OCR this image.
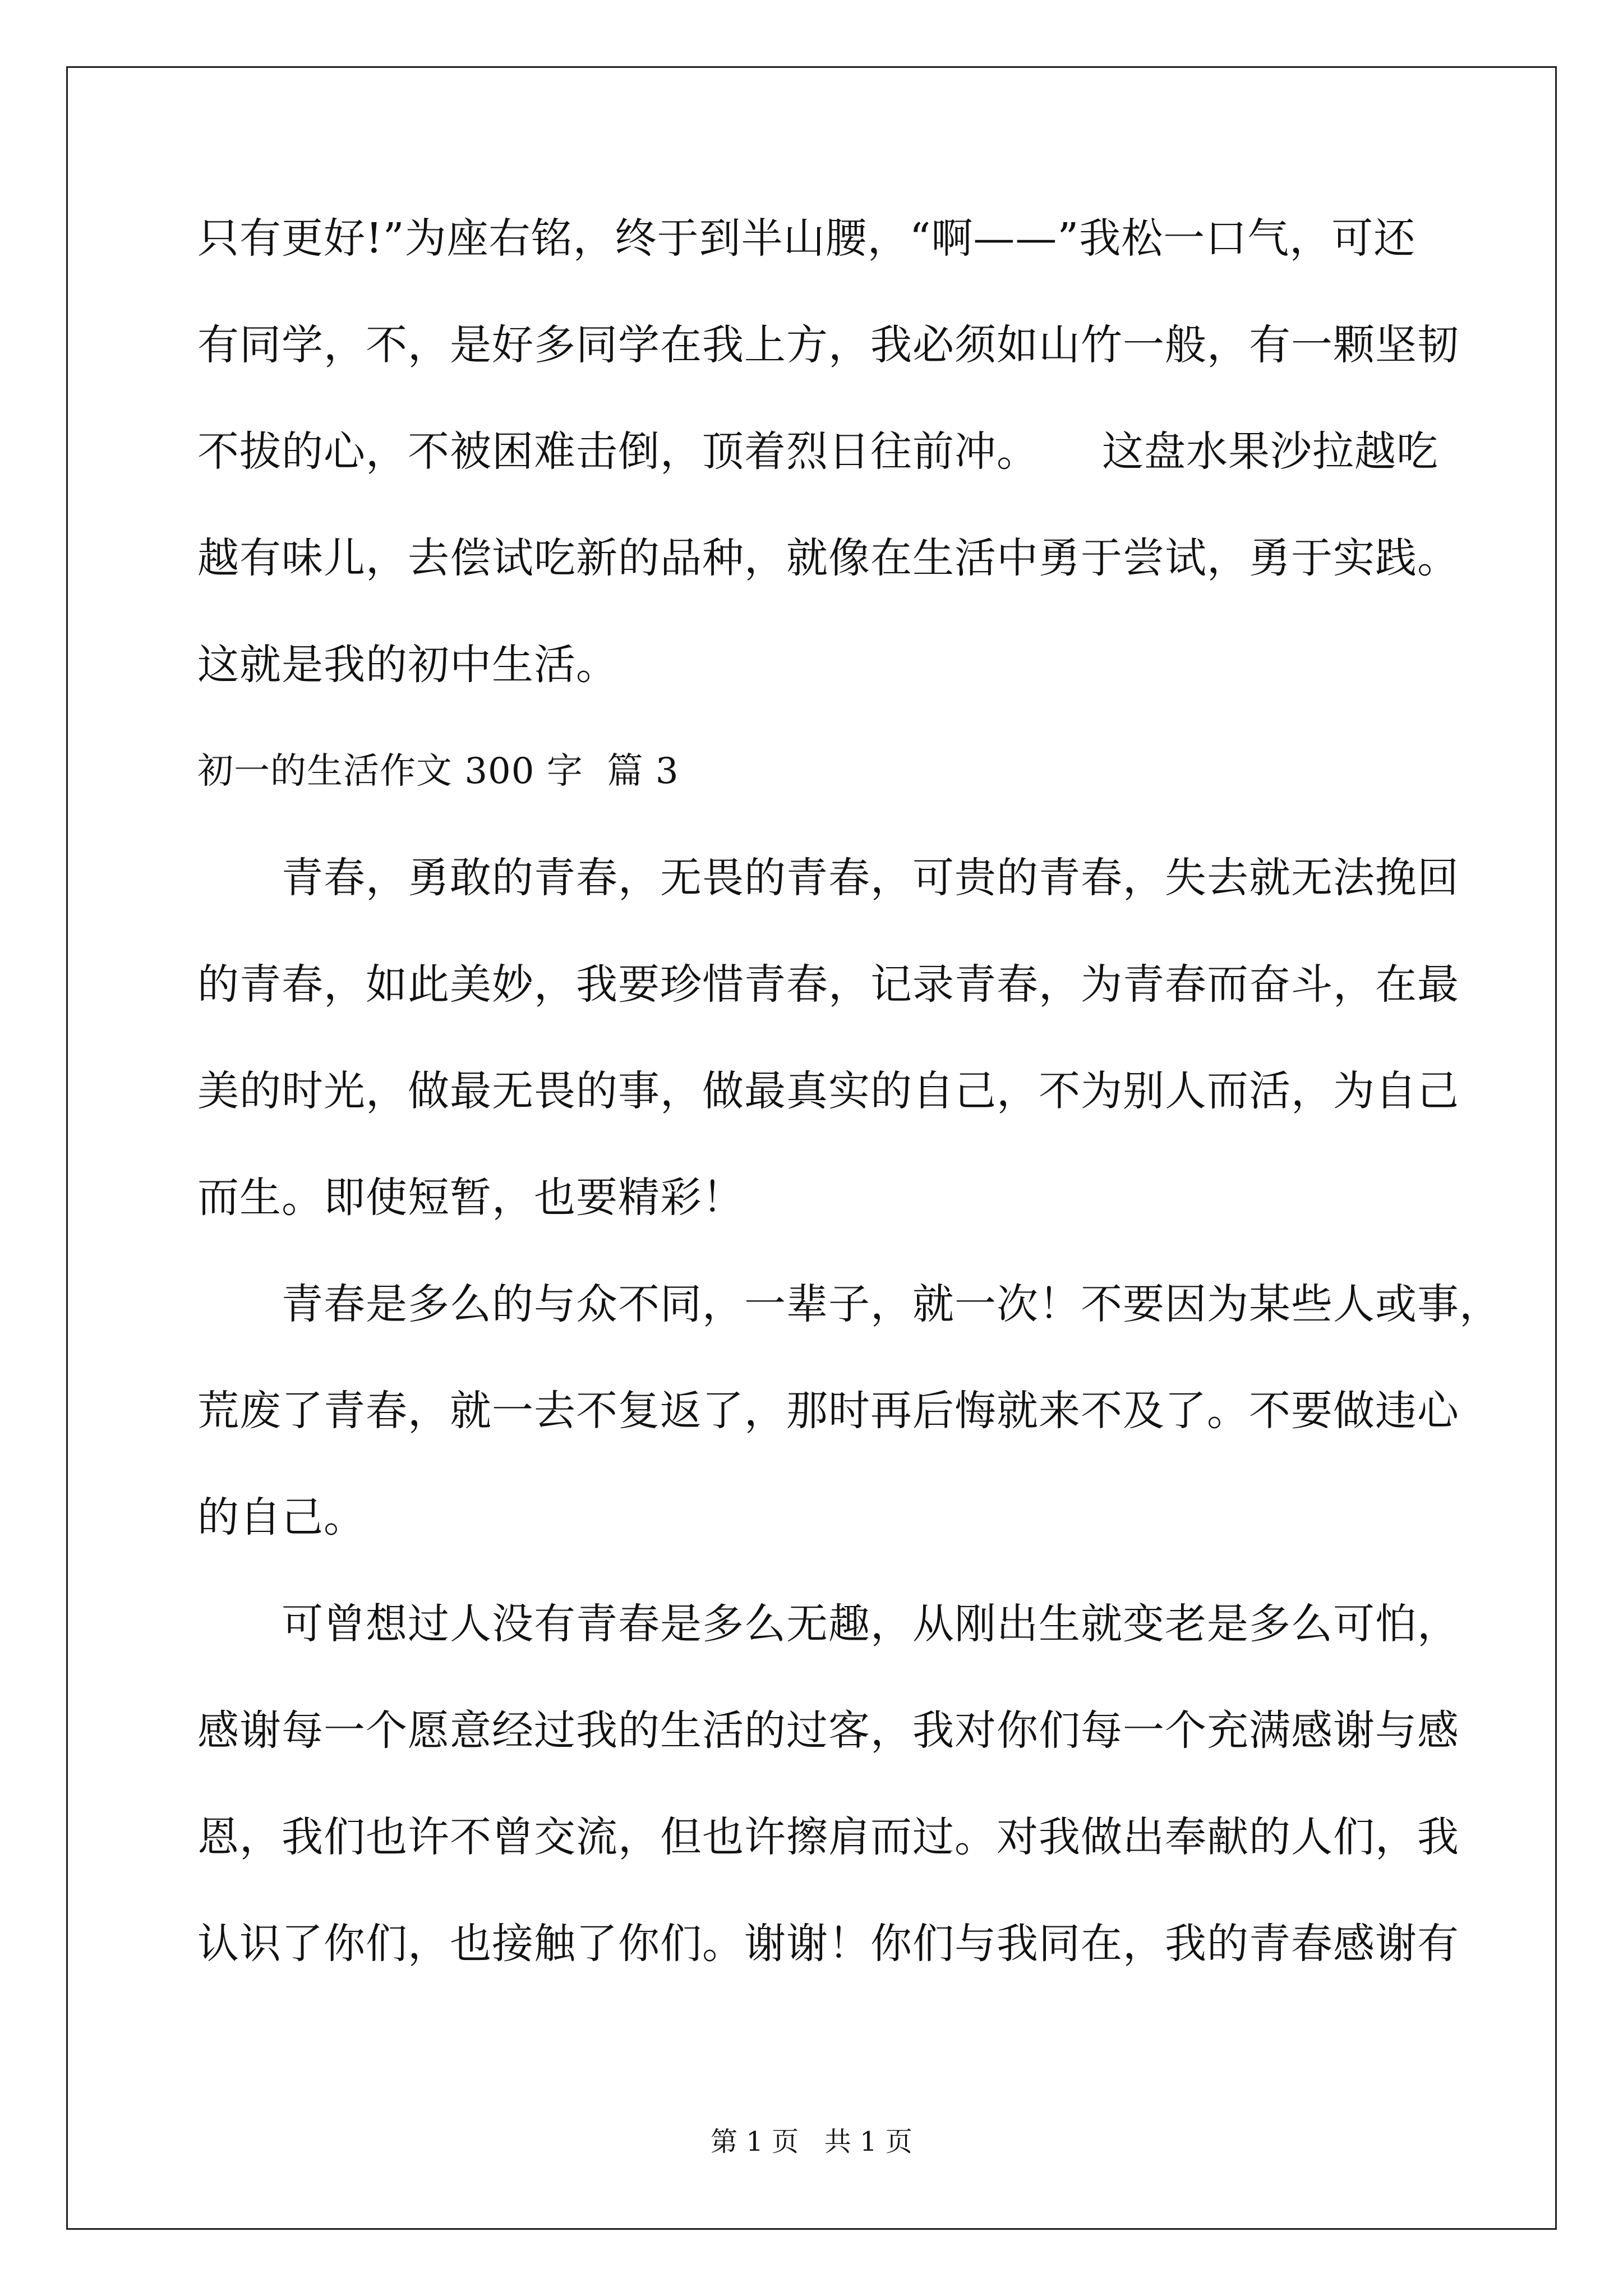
只有更好!”为座右铭，终于到半山腰，“啊——”我松一口气，可还
有同学，不，是好多同学在我上方，我必须如山竹一般，有一颗坚韧
不拔的心，不被困难击倒，顶着烈日往前冲。　　这盘水果沙拉越吃
越有味儿，去偿试吃新的品种，就像在生活中勇于尝试，勇于实践。
这就是我的初中生活。
初一的生活作文 300 字  篇 3
　　青春，勇敢的青春，无畏的青春，可贵的青春，失去就无法挽回
的青春，如此美妙，我要珍惜青春，记录青春，为青春而奋斗，在最
美的时光，做最无畏的事，做最真实的自己，不为别人而活，为自己
而生。即使短暂，也要精彩！
　　青春是多么的与众不同，一辈子，就一次！不要因为某些人或事，
荒废了青春，就一去不复返了，那时再后悔就来不及了。不要做违心
的自己。
　　可曾想过人没有青春是多么无趣，从刚出生就变老是多么可怕，
感谢每一个愿意经过我的生活的过客，我对你们每一个充满感谢与感
恩，我们也许不曾交流，但也许擦肩而过。对我做出奉献的人们，我
认识了你们，也接触了你们。谢谢！你们与我同在，我的青春感谢有
第 1 页   共 1 页
